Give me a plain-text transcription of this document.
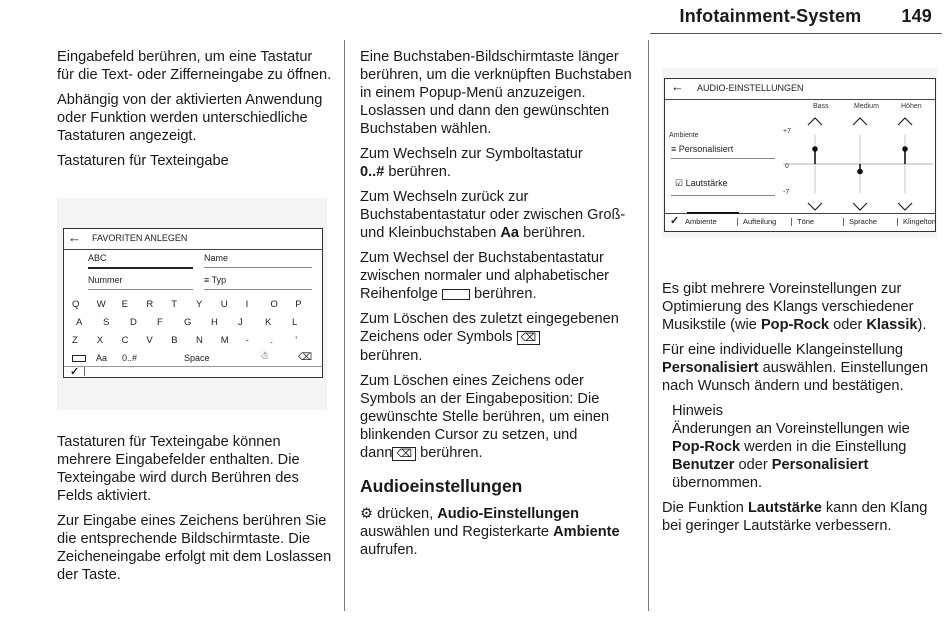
Infotainment-System 149

Eingabefeld berühren, um eine Tastatur für die Text- oder Zifferneingabe zu öffnen.

Abhängig von der aktivierten Anwendung oder Funktion werden unterschiedliche Tastaturen angezeigt.

Tastaturen für Texteingabe

← FAVORITEN ANLEGEN
ABC	Name
Nummer	≡ Typ
Q W E R T Y U I O P
A S D F G H J K L
Z X C V B N M - . '
Aa 0..#	Space	☃	⌫
✓

Tastaturen für Texteingabe können mehrere Eingabefelder enthalten. Die Texteingabe wird durch Berühren des Felds aktiviert.

Zur Eingabe eines Zeichens berühren Sie die entsprechende Bildschirmtaste. Die Zeicheneingabe erfolgt mit dem Loslassen der Taste.

Eine Buchstaben-Bildschirmtaste länger berühren, um die verknüpften Buchstaben in einem Popup-Menü anzuzeigen. Loslassen und dann den gewünschten Buchstaben wählen.

Zum Wechseln zur Symboltastatur
0..# berühren.

Zum Wechseln zurück zur Buchstabentastatur oder zwischen Groß- und Kleinbuchstaben Aa berühren.

Zum Wechsel der Buchstabentastatur zwischen normaler und alphabetischer Reihenfolge berühren.

Zum Löschen des zuletzt eingegebenen Zeichens oder Symbols ⌫
berühren.

Zum Löschen eines Zeichens oder Symbols an der Eingabeposition: Die gewünschte Stelle berühren, um einen blinkenden Cursor zu setzen, und dann ⌫ berühren.

Audioeinstellungen

⚙ drücken, Audio-Einstellungen auswählen und Registerkarte Ambiente aufrufen.

← AUDIO-EINSTELLUNGEN
Bass	Medium	Höhen
Ambiente
≡ Personalisiert
☑ Lautstärke
+7
0
-7
✓ Ambiente	Aufteilung	Töne	Sprache	Klingelton

Es gibt mehrere Voreinstellungen zur Optimierung des Klangs verschiedener Musikstile (wie Pop-Rock oder Klassik).

Für eine individuelle Klangeinstellung Personalisiert auswählen. Einstellungen nach Wunsch ändern und bestätigen.

Hinweis
Änderungen an Voreinstellungen wie Pop-Rock werden in die Einstellung Benutzer oder Personalisiert übernommen.

Die Funktion Lautstärke kann den Klang bei geringer Lautstärke verbessern.
